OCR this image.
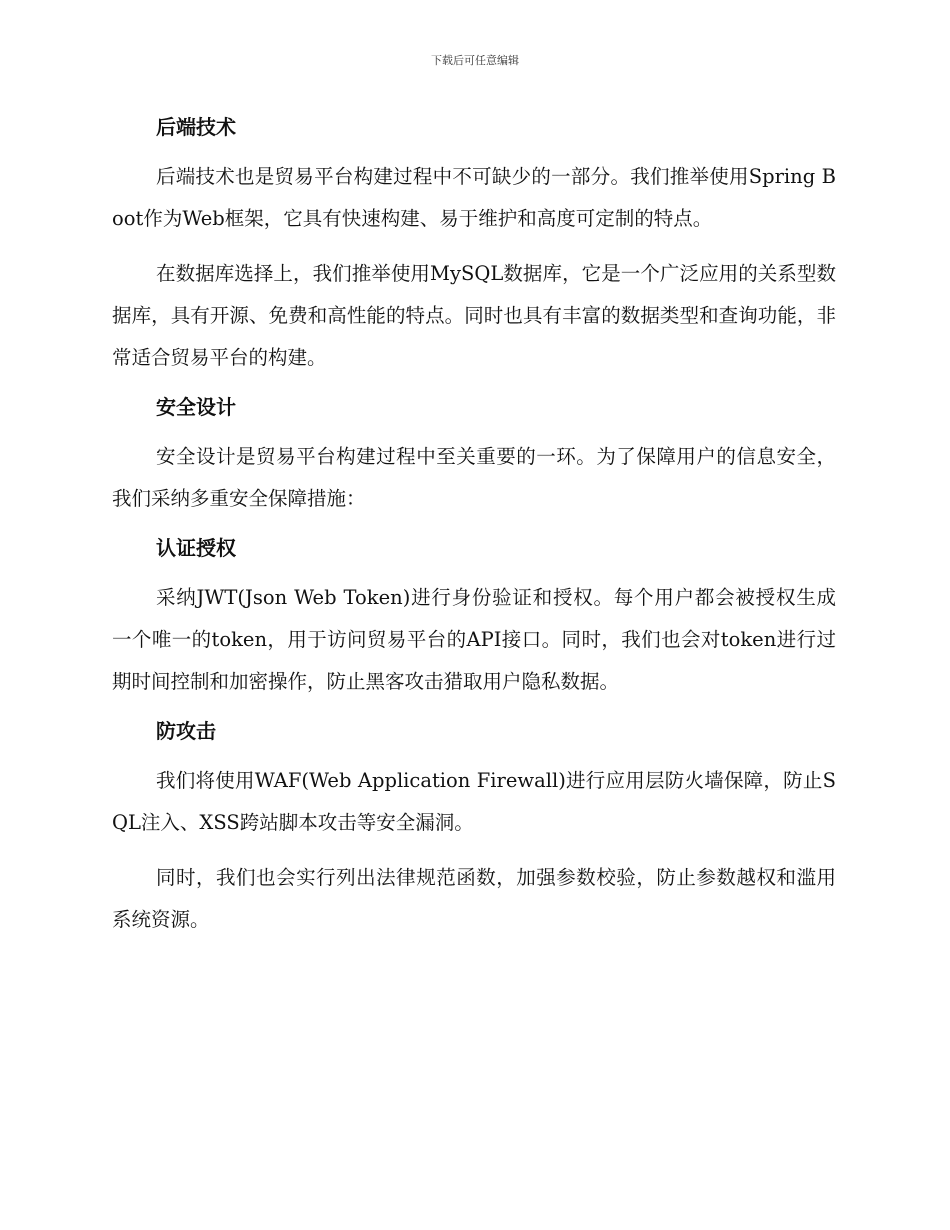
下载后可任意编辑
后端技术

后端技术也是贸易平台构建过程中不可缺少的一部分。我们推举使用Spring Boot作为Web框架，它具有快速构建、易于维护和高度可定制的特点。

在数据库选择上，我们推举使用MySQL数据库，它是一个广泛应用的关系型数据库，具有开源、免费和高性能的特点。同时也具有丰富的数据类型和查询功能，非常适合贸易平台的构建。

安全设计

安全设计是贸易平台构建过程中至关重要的一环。为了保障用户的信息安全，我们采纳多重安全保障措施：

认证授权

采纳JWT(Json Web Token)进行身份验证和授权。每个用户都会被授权生成一个唯一的token，用于访问贸易平台的API接口。同时，我们也会对token进行过期时间控制和加密操作，防止黑客攻击猎取用户隐私数据。

防攻击

我们将使用WAF(Web Application Firewall)进行应用层防火墙保障，防止SQL注入、XSS跨站脚本攻击等安全漏洞。

同时，我们也会实行列出法律规范函数，加强参数校验，防止参数越权和滥用系统资源。
